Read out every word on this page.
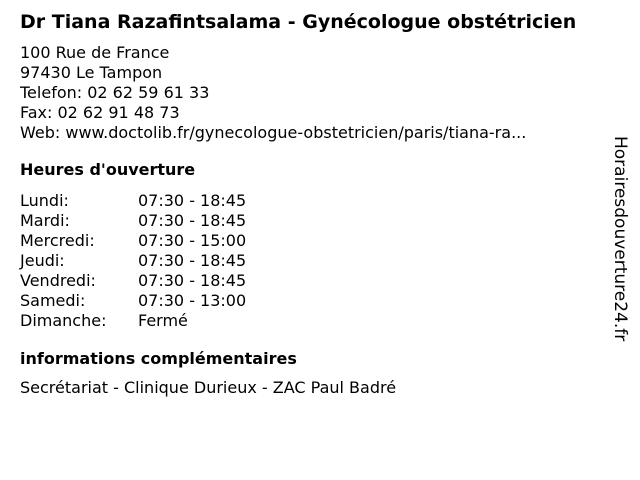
Dr Tiana Razafintsalama - Gynécologue obstétricien
100 Rue de France
97430 Le Tampon
Telefon: 02 62 59 61 33
Fax: 02 62 91 48 73
Web: www.doctolib.fr/gynecologue-obstetricien/paris/tiana-ra...
Heures d'ouverture
Lundi:	07:30 - 18:45
Mardi:	07:30 - 18:45
Mercredi:	07:30 - 15:00
Jeudi:	07:30 - 18:45
Vendredi:	07:30 - 18:45
Samedi:	07:30 - 13:00
Dimanche:	Fermé
informations complémentaires
Secrétariat - Clinique Durieux - ZAC Paul Badré
Horairesdouverture24.fr
